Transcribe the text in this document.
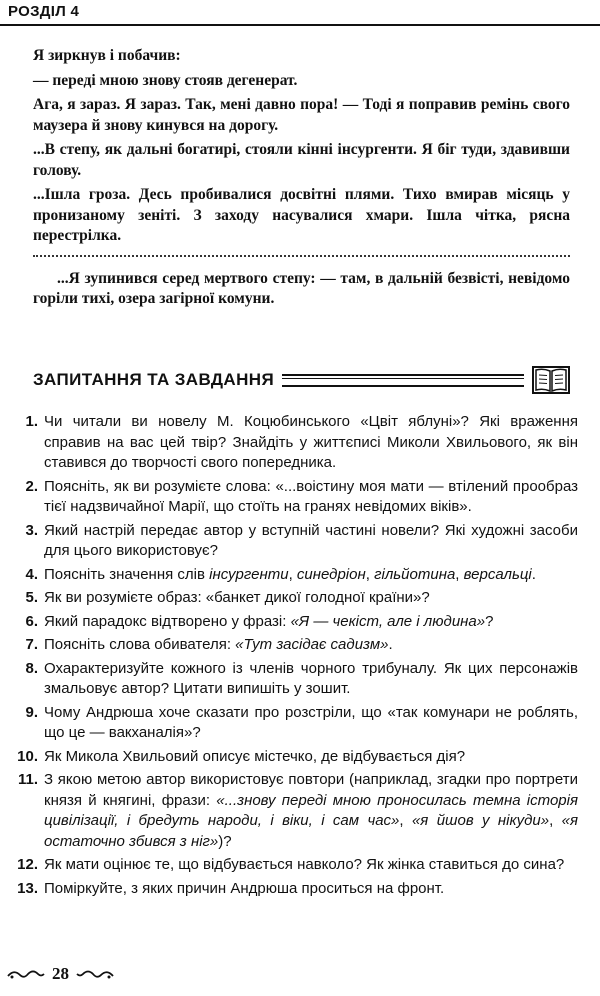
РОЗДІЛ 4

Я зиркнув і побачив:

— переді мною знову стояв дегенерат.

Ага, я зараз. Я зараз. Так, мені давно пора! — Тоді я поправив ремінь свого маузера й знову кинувся на дорогу.

...В степу, як дальні богатирі, стояли кінні інсургенти. Я біг туди, здавивши голову.

...Ішла гроза. Десь пробивалися досвітні плями. Тихо вмирав місяць у пронизаному зеніті. З заходу насувалися хмари. Ішла чітка, рясна перестрілка.

...Я зупинився серед мертвого степу: — там, в дальній безвісті, невідомо горіли тихі, озера загірної комуни.

ЗАПИТАННЯ ТА ЗАВДАННЯ
1. Чи читали ви новелу М. Коцюбинського «Цвіт яблуні»? Які враження справив на вас цей твір? Знайдіть у життєписі Миколи Хвильового, як він ставився до творчості свого попередника.
2. Поясніть, як ви розумієте слова: «...воістину моя мати — втілений прообраз тієї надзвичайної Марії, що стоїть на гранях невідомих віків».
3. Який настрій передає автор у вступній частині новели? Які художні засоби для цього використовує?
4. Поясніть значення слів інсургенти, синедріон, гільйотина, версальці.
5. Як ви розумієте образ: «банкет дикої голодної країни»?
6. Який парадокс відтворено у фразі: «Я — чекіст, але і людина»?
7. Поясніть слова обивателя: «Тут засідає садизм».
8. Охарактеризуйте кожного із членів чорного трибуналу. Як цих персонажів змальовує автор? Цитати випишіть у зошит.
9. Чому Андрюша хоче сказати про розстріли, що «так комунари не роблять, що це — вакханалія»?
10. Як Микола Хвильовий описує містечко, де відбувається дія?
11. З якою метою автор використовує повтори (наприклад, згадки про портрети князя й княгині, фрази: «...знову переді мною проносилась темна історія цивілізації, і бредуть народи, і віки, і сам час», «я йшов у нікуди», «я остаточно збився з ніг»)?
12. Як мати оцінює те, що відбувається навколо? Як жінка ставиться до сина?
13. Поміркуйте, з яких причин Андрюша проситься на фронт.
28
